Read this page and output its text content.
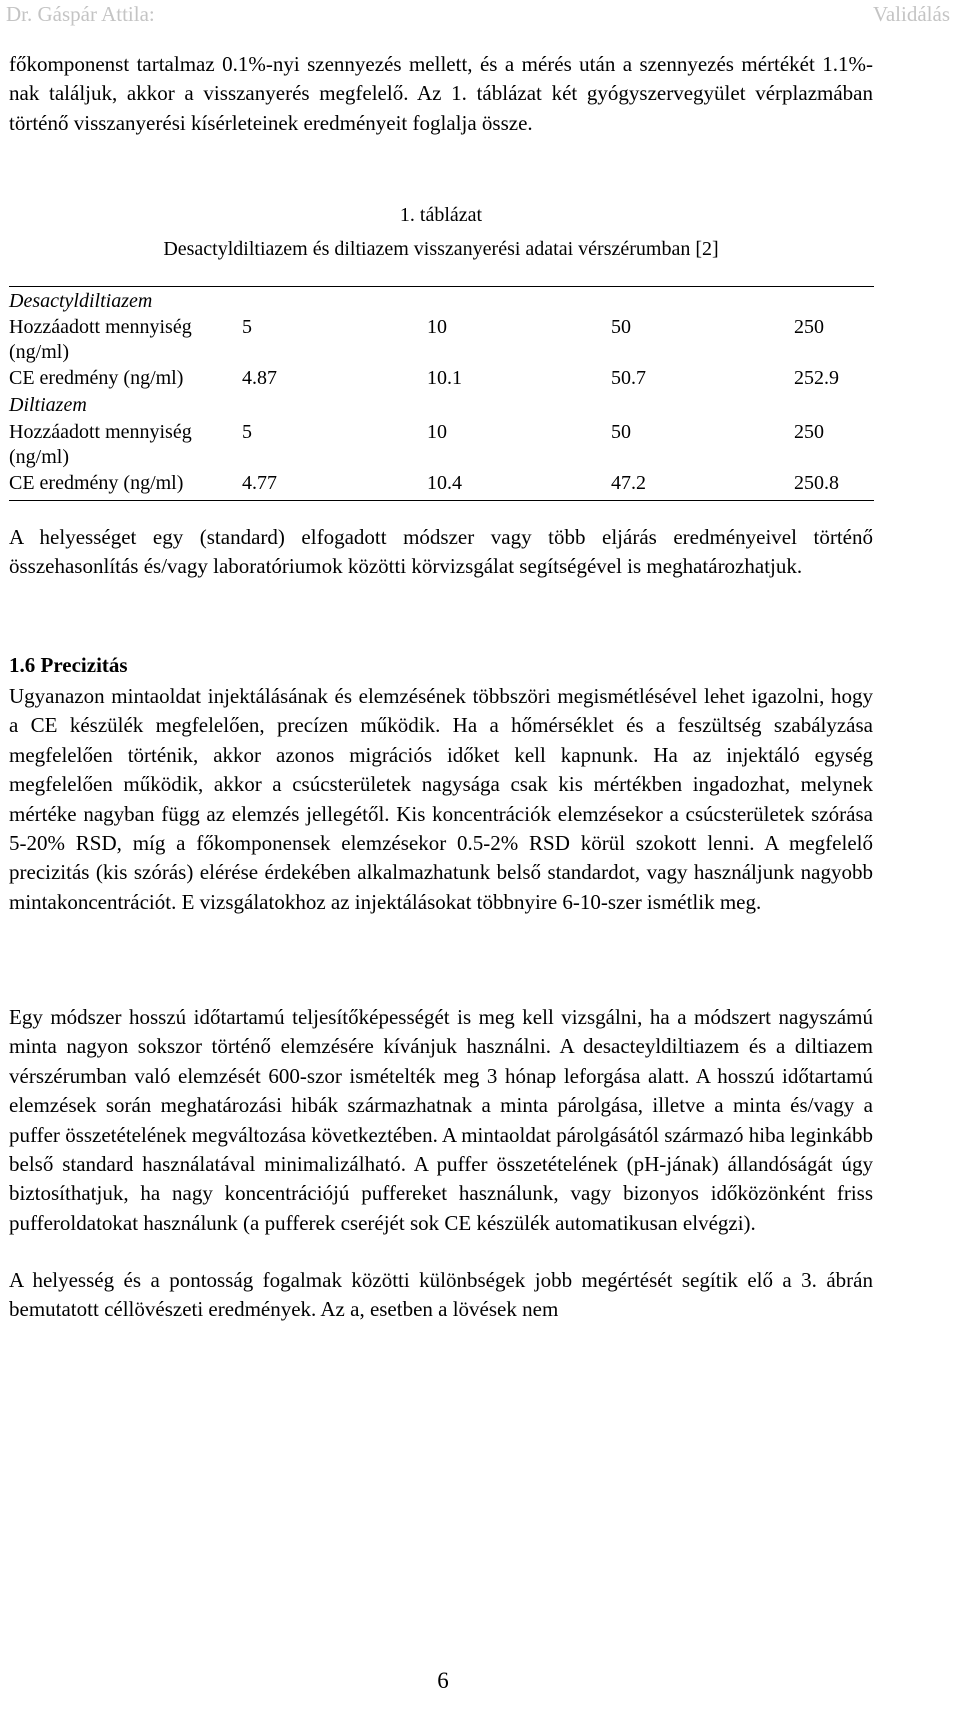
Dr. Gáspár Attila:	Validálás

főkomponenst tartalmaz 0.1%-nyi szennyezés mellett, és a mérés után a szennyezés mértékét 1.1%-nak találjuk, akkor a visszanyerés megfelelő. Az 1. táblázat két gyógyszervegyület vérplazmában történő visszanyerési kísérleteinek eredményeit foglalja össze.

1. táblázat
Desactyldiltiazem és diltiazem visszanyerési adatai vérszérumban [2]
Desactyldiltiazem
Hozzáadott mennyiség	5	10	50	250
(ng/ml)
CE eredmény (ng/ml)	4.87	10.1	50.7	252.9
Diltiazem
Hozzáadott mennyiség	5	10	50	250
(ng/ml)
CE eredmény (ng/ml)	4.77	10.4	47.2	250.8

A helyességet egy (standard) elfogadott módszer vagy több eljárás eredményeivel történő összehasonlítás és/vagy laboratóriumok közötti körvizsgálat segítségével is meghatározhatjuk.

1.6 Precizitás

Ugyanazon mintaoldat injektálásának és elemzésének többszöri megismétlésével lehet igazolni, hogy a CE készülék megfelelően, precízen működik. Ha a hőmérséklet és a feszültség szabályzása megfelelően történik, akkor azonos migrációs időket kell kapnunk. Ha az injektáló egység megfelelően működik, akkor a csúcsterületek nagysága csak kis mértékben ingadozhat, melynek mértéke nagyban függ az elemzés jellegétől. Kis koncentrációk elemzésekor a csúcsterületek szórása 5-20% RSD, míg a főkomponensek elemzésekor 0.5-2% RSD körül szokott lenni. A megfelelő precizitás (kis szórás) elérése érdekében alkalmazhatunk belső standardot, vagy használjunk nagyobb mintakoncentrációt. E vizsgálatokhoz az injektálásokat többnyire 6-10-szer ismétlik meg.

Egy módszer hosszú időtartamú teljesítőképességét is meg kell vizsgálni, ha a módszert nagyszámú minta nagyon sokszor történő elemzésére kívánjuk használni. A desacteyldiltiazem és a diltiazem vérszérumban való elemzését 600-szor ismételték meg 3 hónap leforgása alatt. A hosszú időtartamú elemzések során meghatározási hibák származhatnak a minta párolgása, illetve a minta és/vagy a puffer összetételének megváltozása következtében. A mintaoldat párolgásától származó hiba leginkább belső standard használatával minimalizálható. A puffer összetételének (pH-jának) állandóságát úgy biztosíthatjuk, ha nagy koncentrációjú puffereket használunk, vagy bizonyos időközönként friss pufferoldatokat használunk (a pufferek cseréjét sok CE készülék automatikusan elvégzi).

A helyesség és a pontosság fogalmak közötti különbségek jobb megértését segítik elő a 3. ábrán bemutatott céllövészeti eredmények. Az a, esetben a lövések nem

6
